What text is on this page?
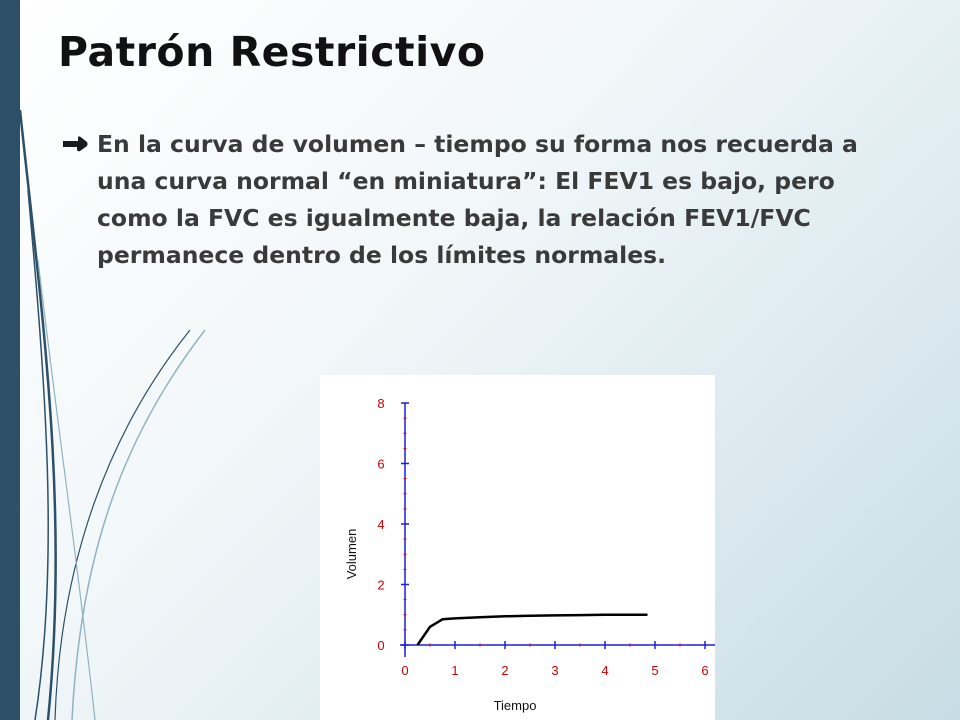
Patrón Restrictivo
En la curva de volumen – tiempo su forma nos recuerda a una curva normal “en miniatura”: El FEV1 es bajo, pero como la FVC es igualmente baja, la relación FEV1/FVC permanece dentro de los límites normales.
0
2
4
6
8
0	1	2	3	4	5	6
Volumen
Tiempo
